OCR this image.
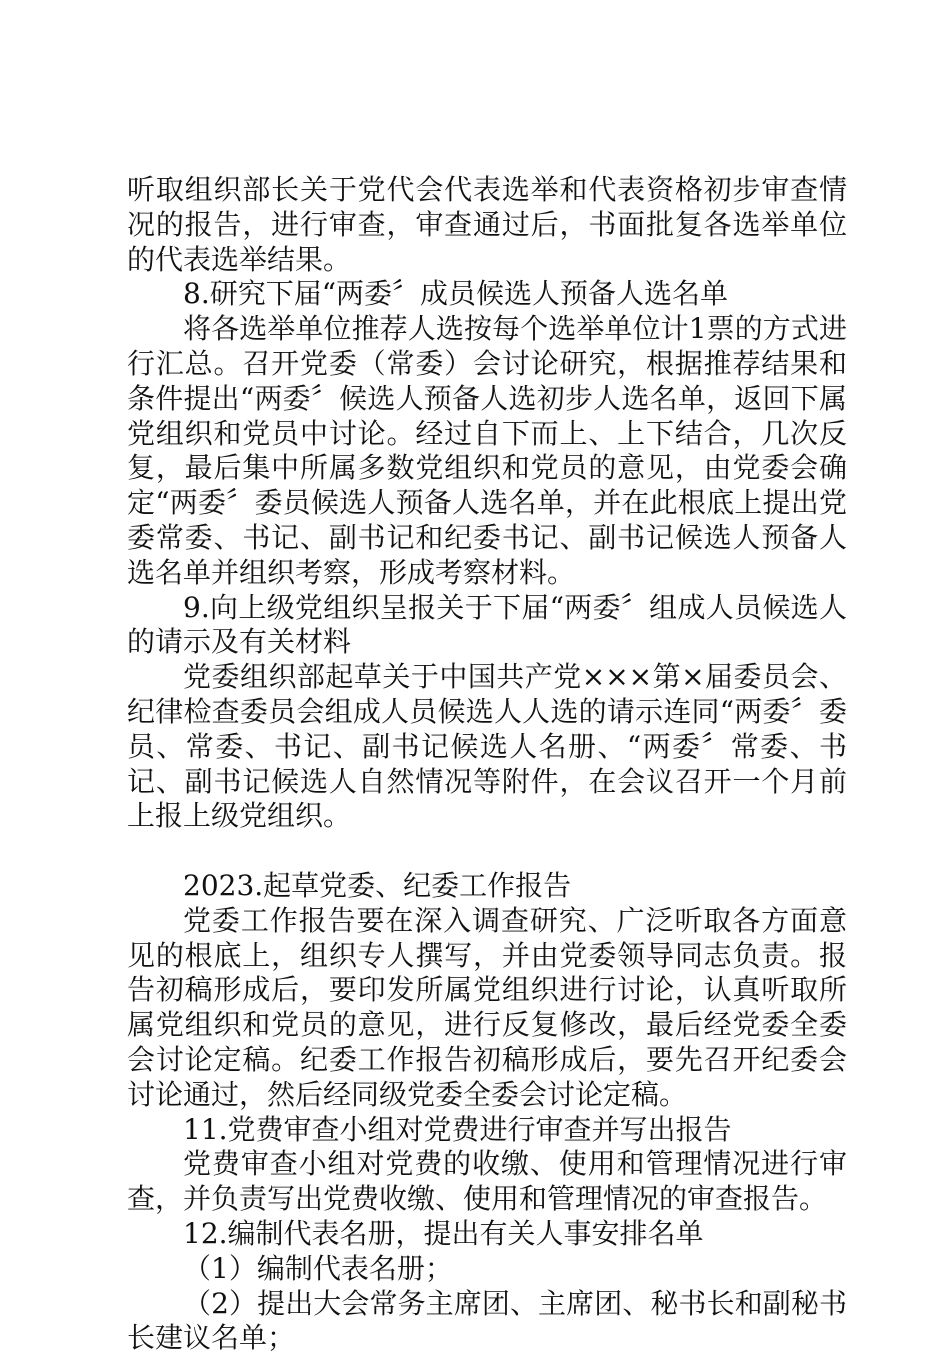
听取组织部长关于党代会代表选举和代表资格初步审查情况的报告，进行审查，审查通过后，书面批复各选举单位的代表选举结果。

8.研究下届“两委〞成员候选人预备人选名单

将各选举单位推荐人选按每个选举单位计1票的方式进行汇总。召开党委（常委）会讨论研究，根据推荐结果和条件提出“两委〞候选人预备人选初步人选名单，返回下属党组织和党员中讨论。经过自下而上、上下结合，几次反复，最后集中所属多数党组织和党员的意见，由党委会确定“两委〞委员候选人预备人选名单，并在此根底上提出党委常委、书记、副书记和纪委书记、副书记候选人预备人选名单并组织考察，形成考察材料。

9.向上级党组织呈报关于下届“两委〞组成人员候选人的请示及有关材料

党委组织部起草关于中国共产党×××第×届委员会、纪律检查委员会组成人员候选人人选的请示连同“两委〞委员、常委、书记、副书记候选人名册、“两委〞常委、书记、副书记候选人自然情况等附件，在会议召开一个月前上报上级党组织。

2023.起草党委、纪委工作报告

党委工作报告要在深入调查研究、广泛听取各方面意见的根底上，组织专人撰写，并由党委领导同志负责。报告初稿形成后，要印发所属党组织进行讨论，认真听取所属党组织和党员的意见，进行反复修改，最后经党委全委会讨论定稿。纪委工作报告初稿形成后，要先召开纪委会讨论通过，然后经同级党委全委会讨论定稿。

11.党费审查小组对党费进行审查并写出报告

党费审查小组对党费的收缴、使用和管理情况进行审查，并负责写出党费收缴、使用和管理情况的审查报告。

12.编制代表名册，提出有关人事安排名单

（1）编制代表名册；

（2）提出大会常务主席团、主席团、秘书长和副秘书长建议名单；
